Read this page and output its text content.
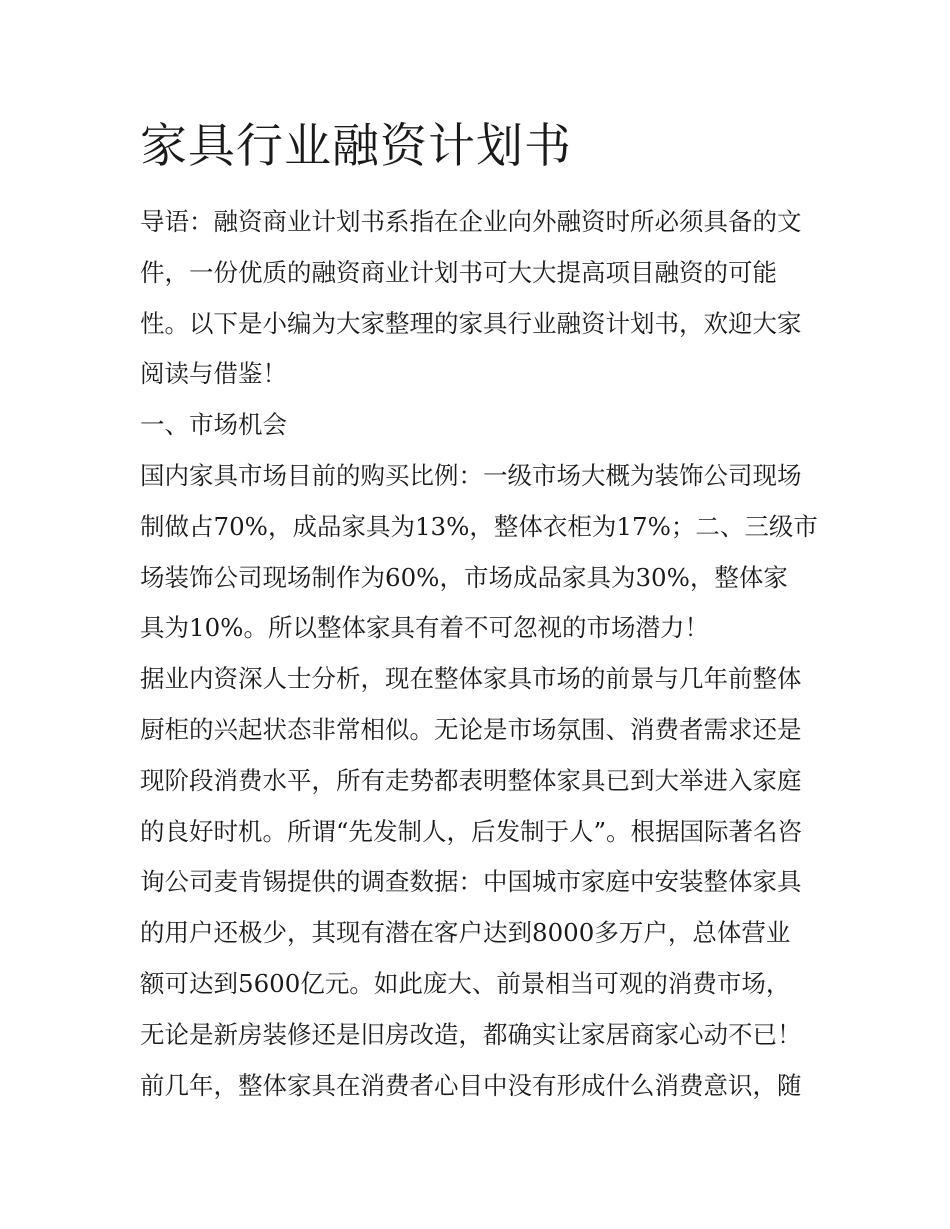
家具行业融资计划书
导语：融资商业计划书系指在企业向外融资时所必须具备的文
件，一份优质的融资商业计划书可大大提高项目融资的可能
性。以下是小编为大家整理的家具行业融资计划书，欢迎大家
阅读与借鉴！
一、市场机会
国内家具市场目前的购买比例：一级市场大概为装饰公司现场
制做占70%，成品家具为13%，整体衣柜为17%；二、三级市
场装饰公司现场制作为60%，市场成品家具为30%，整体家
具为10%。所以整体家具有着不可忽视的市场潜力！
据业内资深人士分析，现在整体家具市场的前景与几年前整体
厨柜的兴起状态非常相似。无论是市场氛围、消费者需求还是
现阶段消费水平，所有走势都表明整体家具已到大举进入家庭
的良好时机。所谓“先发制人，后发制于人”。根据国际著名咨
询公司麦肯锡提供的调查数据：中国城市家庭中安装整体家具
的用户还极少，其现有潜在客户达到8000多万户，总体营业
额可达到5600亿元。如此庞大、前景相当可观的消费市场，
无论是新房装修还是旧房改造，都确实让家居商家心动不已！
前几年，整体家具在消费者心目中没有形成什么消费意识，随
